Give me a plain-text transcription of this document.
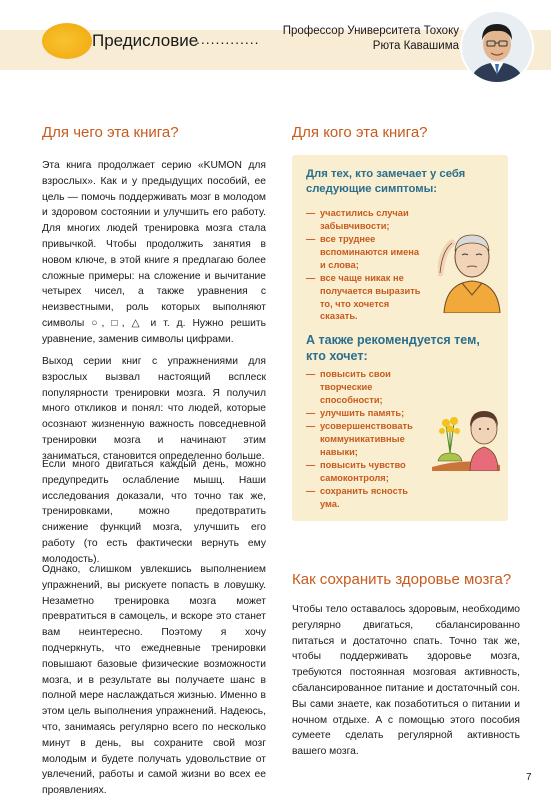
Предисловие
............. Профессор Университета Тохоку
Рюта Кавашима
Для чего эта книга?

Эта книга продолжает серию «KUMON для взрослых». Как и у предыдущих пособий, ее цель — помочь поддерживать мозг в молодом и здоровом состоянии и улучшить его работу. Для многих людей тренировка мозга стала привычкой. Чтобы продолжить занятия в новом ключе, в этой книге я предлагаю более сложные примеры: на сложение и вычитание четырех чисел, а также уравнения с неизвестными, роль которых выполняют символы ○, □, △ и т. д. Нужно решить уравнение, заменив символы цифрами.

Выход серии книг с упражнениями для взрослых вызвал настоящий всплеск популярности тренировки мозга. Я получил много откликов и понял: что людей, которые осознают жизненную важность повседневной тренировки мозга и начинают этим заниматься, становится определенно больше.

Если много двигаться каждый день, можно предупредить ослабление мышц. Наши исследования доказали, что точно так же, тренировками, можно предотвратить снижение функций мозга, улучшить его работу (то есть фактически вернуть ему молодость).

Однако, слишком увлекшись выполнением упражнений, вы рискуете попасть в ловушку. Незаметно тренировка мозга может превратиться в самоцель, и вскоре это станет вам неинтересно. Поэтому я хочу подчеркнуть, что ежедневные тренировки повышают базовые физические возможности мозга, и в результате вы получаете шанс в полной мере наслаждаться жизнью. Именно в этом цель выполнения упражнений. Надеюсь, что, занимаясь регулярно всего по несколько минут в день, вы сохраните свой мозг молодым и будете получать удовольствие от увлечений, работы и самой жизни во всех ее проявлениях.

Для кого эта книга?
Для тех, кто замечает у себя следующие симптомы:
— участились случаи забывчивости;
— все труднее вспоминаются имена и слова;
— все чаще никак не получается выразить то, что хочется сказать.
А также рекомендуется тем, кто хочет:
— повысить свои творческие способности;
— улучшить память;
— усовершенствовать коммуникативные навыки;
— повысить чувство самоконтроля;
— сохранить ясность ума.
Как сохранить здоровье мозга?

Чтобы тело оставалось здоровым, необходимо регулярно двигаться, сбалансированно питаться и достаточно спать. Точно так же, чтобы поддерживать здоровье мозга, требуются постоянная мозговая активность, сбалансированное питание и достаточный сон. Вы сами знаете, как позаботиться о питании и ночном отдыхе. А с помощью этого пособия сумеете сделать регулярной активность вашего мозга.

7
